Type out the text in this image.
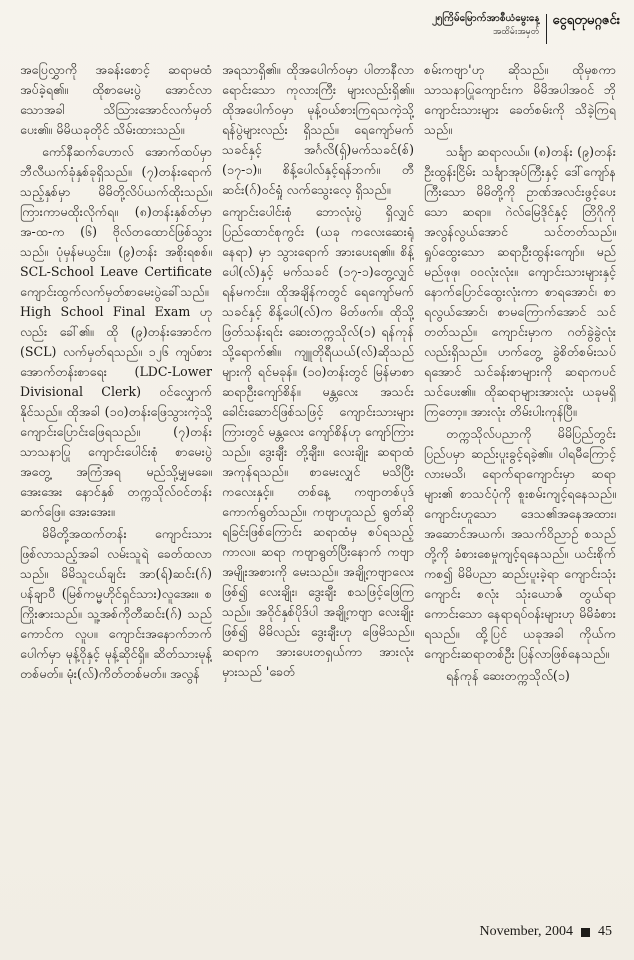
၂၅ကြိမ်မြောက်အာစီယံမွေးနေ့
အထိမ်းအမှတ်
ငွေရတုမဂ္ဂဇင်း

အပြေလွှာကို အခန်းစောင့် ဆရာမထံ အပ်ခဲ့ရ၏။ ထိုစာမေးပွဲ အောင်လာသောအခါ သိသြားအောင်လက်မှတ် ပေး၏။ မိမိယခုတိုင် သိမ်းထားသည်။

ကော်နီဆက်ဟောလ် အောက်ထပ်မှာ ဘီလီယက်ခုံနှစ်ခုရှိသည်။ (၇)တန်းရောက်သည့်နှစ်မှာ မိမိတို့လိပ်ယက်ထိုးသည်။ ကြားကာမထိုးလိုက်ရ။ (၈)တန်းနှစ်တ်မှာ အ-ထ-က (၆) ဗိုလ်တထောင်ဖြစ်သွားသည်။ ပုံမှန်မယွင်း။ (၉)တန်း အစိုးရစစ်။ SCL-School Leave Certificate ကျောင်းထွက်လက်မှတ်စာမေးပွဲခေါ်သည်။ High School Final Exam ဟုလည်း ခေါ်၏။ ထို (၉)တန်းအောင်က (SCL) လက်မှတ်ရသည်။ ၁၂၆ ကျပ်စား အောက်တန်းစာရေး (LDC-Lower Divisional Clerk) ဝင်လျှောက်နိုင်သည်။ ထိုအခါ (၁၀)တန်းဖြေသွားကဲ့သို့ ကျောင်းပြောင်းဖြေရသည်။ (၇)တန်း သာသနာပြု ကျောင်းပေါင်းစုံ စာမေးပွဲအတွေ့ အကြံအရ မည်သို့မျှမခေ။ အေးအေး နောင်နှစ် တက္ကသိုလ်ဝင်တန်း ဆက်ဖြေ။ အေးအေး။

မိမိတို့အထက်တန်း ကျောင်းသားဖြစ်လာသည့်အခါ လမ်းသူရဲ ခေတ်ထလာသည်။ မိမိသူငယ်ချင်း အာ(ရ်)ဆင်း(ဂ်) ပန်ချာပီ (မြစ်ကမ္မဟိုင်ရှင်သား)လူအေး။ စကြိုးဇားသည်။ သူ့အစ်ကိုတီဆင်း(ဂ်) သည်ကောင်က လူပ။ ကျောင်းအနောက်ဘက်ပေါက်မှာ မုန့်ဝိုနှင့် မုန့်ဆိုင်ရှိ။ ဆိတ်သားမုန့်တစ်မတ်။ မုံး(လ်)ကိတ်တစ်မတ်။ အလွန်

အရသာရှိ၏။ ထိုအပေါက်ဝမှာ ပါတာနီလာရောင်းသော ကုလားကြီး များလည်းရှိ၏။ ထိုအပေါက်ဝမှာ မုန့်ဝယ်စားကြရသကဲ့သို့ ရန်ပွဲများလည်း ရှိသည်။ ရေကျော်မက်သခင်နှင့် အင်္ဂလိ(ရှ်)မက်သခင်(စ်) (၁၇-၁)။ စိန့်ပေါလ်နှင့်ရန်ဘက်။ တီဆင်း(ဂ်)ဝင်ရှုံ လက်သွေးလေ့ ရှိသည်။

ကျောင်းပေါင်းစုံ ဘောလုံးပွဲ ရှိလျှင် ပြည်ထောင်စုကွင်း (ယခု ကလေးဆေးရုံနေရာ) မှာ သွားရောက် အားပေးရ၏။ စိန့်ပေါ(လ်)နှင့် မက်သခင် (၁၇-၁)တွေ့လျှင် ရန်မကင်း။ ထိုအချိန်ကတွင် ရေကျော်မက်သခင်နှင့် စိန့်ပေါ(လ်)က မိတ်ဖက်။ ထိုသို့ဖြတ်သန်းရင်း ဆေးတက္ကသိုလ်(၁) ရန်ကုန်သို့ရောက်၏။ ကျူတိုရီယယ်(လ်)ဆိုသည်များကို ရင်မခုန်။ (၁၀)တန်းတွင် မြန်မာစာ ဆရာဦးကျော်စိန်။ မန္တလေး အသင်းခေါင်းဆောင်ဖြစ်သဖြင့် ကျောင်းသားများကြားတွင် မန္တလေး ကျော်စိန်ဟု ကျော်ကြားသည်။ ဒွေးချီး တို့ချီး။ လေးချိုး ဆရာထံ အကုန်ရသည်။ စာမေးလျှင် မသိပြီး ကလေးနှင့်။ တစ်နေ့ ကဗျာတစ်ပုဒ် ကောက်ရွတ်သည်။ ကဗျာဟူသည် ရွတ်ဆိုရခြင်းဖြစ်ကြောင်း ဆရာထံမှ စပ်ရသည့်ကာလ။ ဆရာ ကဗျာရွတ်ပြီးနောက် ကဗျာအမျိုးအစားကို မေးသည်။ အချို့ကဗျာလေးဖြစ်၍ လေးချိုး၊ ဒွေးချီး စသဖြင့်ဖြေကြသည်။ အဝိုင်နှစ်ပိုဒ်ပါ အချို့ကဗျာ လေးချိုးဖြစ်၍ မိမိလည်း ဒွေးချီးဟု ဖြေမိသည်။ ဆရာက အားပေးတရှယ်ကာ အားလုံးမှားသည် 'ခေတ်

စမ်းကဗျာ'ဟု ဆိုသည်။ ထိုမှစကာ သာသနာပြုကျောင်းက မိမိအပါအဝင် ဘိုကျောင်းသားများ ခေတ်စမ်းကို သိခဲ့ကြရသည်။

သင်္ချာ ဆရာလယ်။ (၈)တန်း (၉)တန်း ဦးထွန်းငြိမ်း သင်္ချာအုပ်ကြီးနှင့် ဒေါ်ကျော်နကြီးသော မိမိတို့ကို ဥာဏ်အလင်းဖွင့်ပေးသော ဆရာ။ ဂဲလ်မြေဒိုင်နှင့် တြိဂိုကို အလွန်လွယ်အောင် သင်တတ်သည်။ ရှုပ်ထွေးသော ဆရာဦးထွန်းကျော်။ မည်မည်ဖုဖု၊ ဝဝလုံးလုံး။ ကျောင်းသားများနှင့် နောက်ပြောင်ထွေးလုံးကာ စာရအောင်၊ စာရလွယ်အောင်၊ စာမကြောက်အောင် သင်တတ်သည်။ ကျောင်းမှာက ဂတ်ခွဲခွဲလုံးလည်းရှိသည်။ ဟက်တွေ့ ခွဲစိတ်စမ်းသပ်ရအောင် သင်ခန်းစာများကို ဆရာကပင် သင်ပေး၏။ ထိုဆရာများအားလုံး ယခုမရှိကြတော့။ အားလုံး တိမ်းပါးကုန်ပြီ။

တက္ကသိုလ်ပညာကို မိမိပြည်တွင်း ပြည်ပမှာ ဆည်းပူးခွင့်ရခဲ့၏။ ပါရမီကြောင့် လားမသိ၊ ရောက်ရာကျောင်းမှာ ဆရာများ၏ စာသင်ပုံကို စူးစမ်းကျင့်ရနေသည်။ ကျောင်းဟူသော ဒေသ၏အနေအထား၊ အဆောင်အယက်၊ အသက်ဝိညာဉ် စသည်တို့ကို ခံစားစေမှုကျင့်ရနေသည်။ ယင်းစိုက်ကစ၍ မိမိပညာ ဆည်းပူးခဲ့ရာ ကျောင်းသုံးကျောင်း စလုံး သုံးယောဇ် တွယ်ရာကောင်းသော နေရာရပ်ဝန်းများဟု မိမိခံစားရသည်။ ထို့ပြင် ယခုအခါ ကိုယ်က ကျောင်းဆရာတစ်ဦး ပြန်လာဖြစ်နေသည်။

ရန်ကုန် ဆေးတက္ကသိုလ်(၁)

November, 2004 45
